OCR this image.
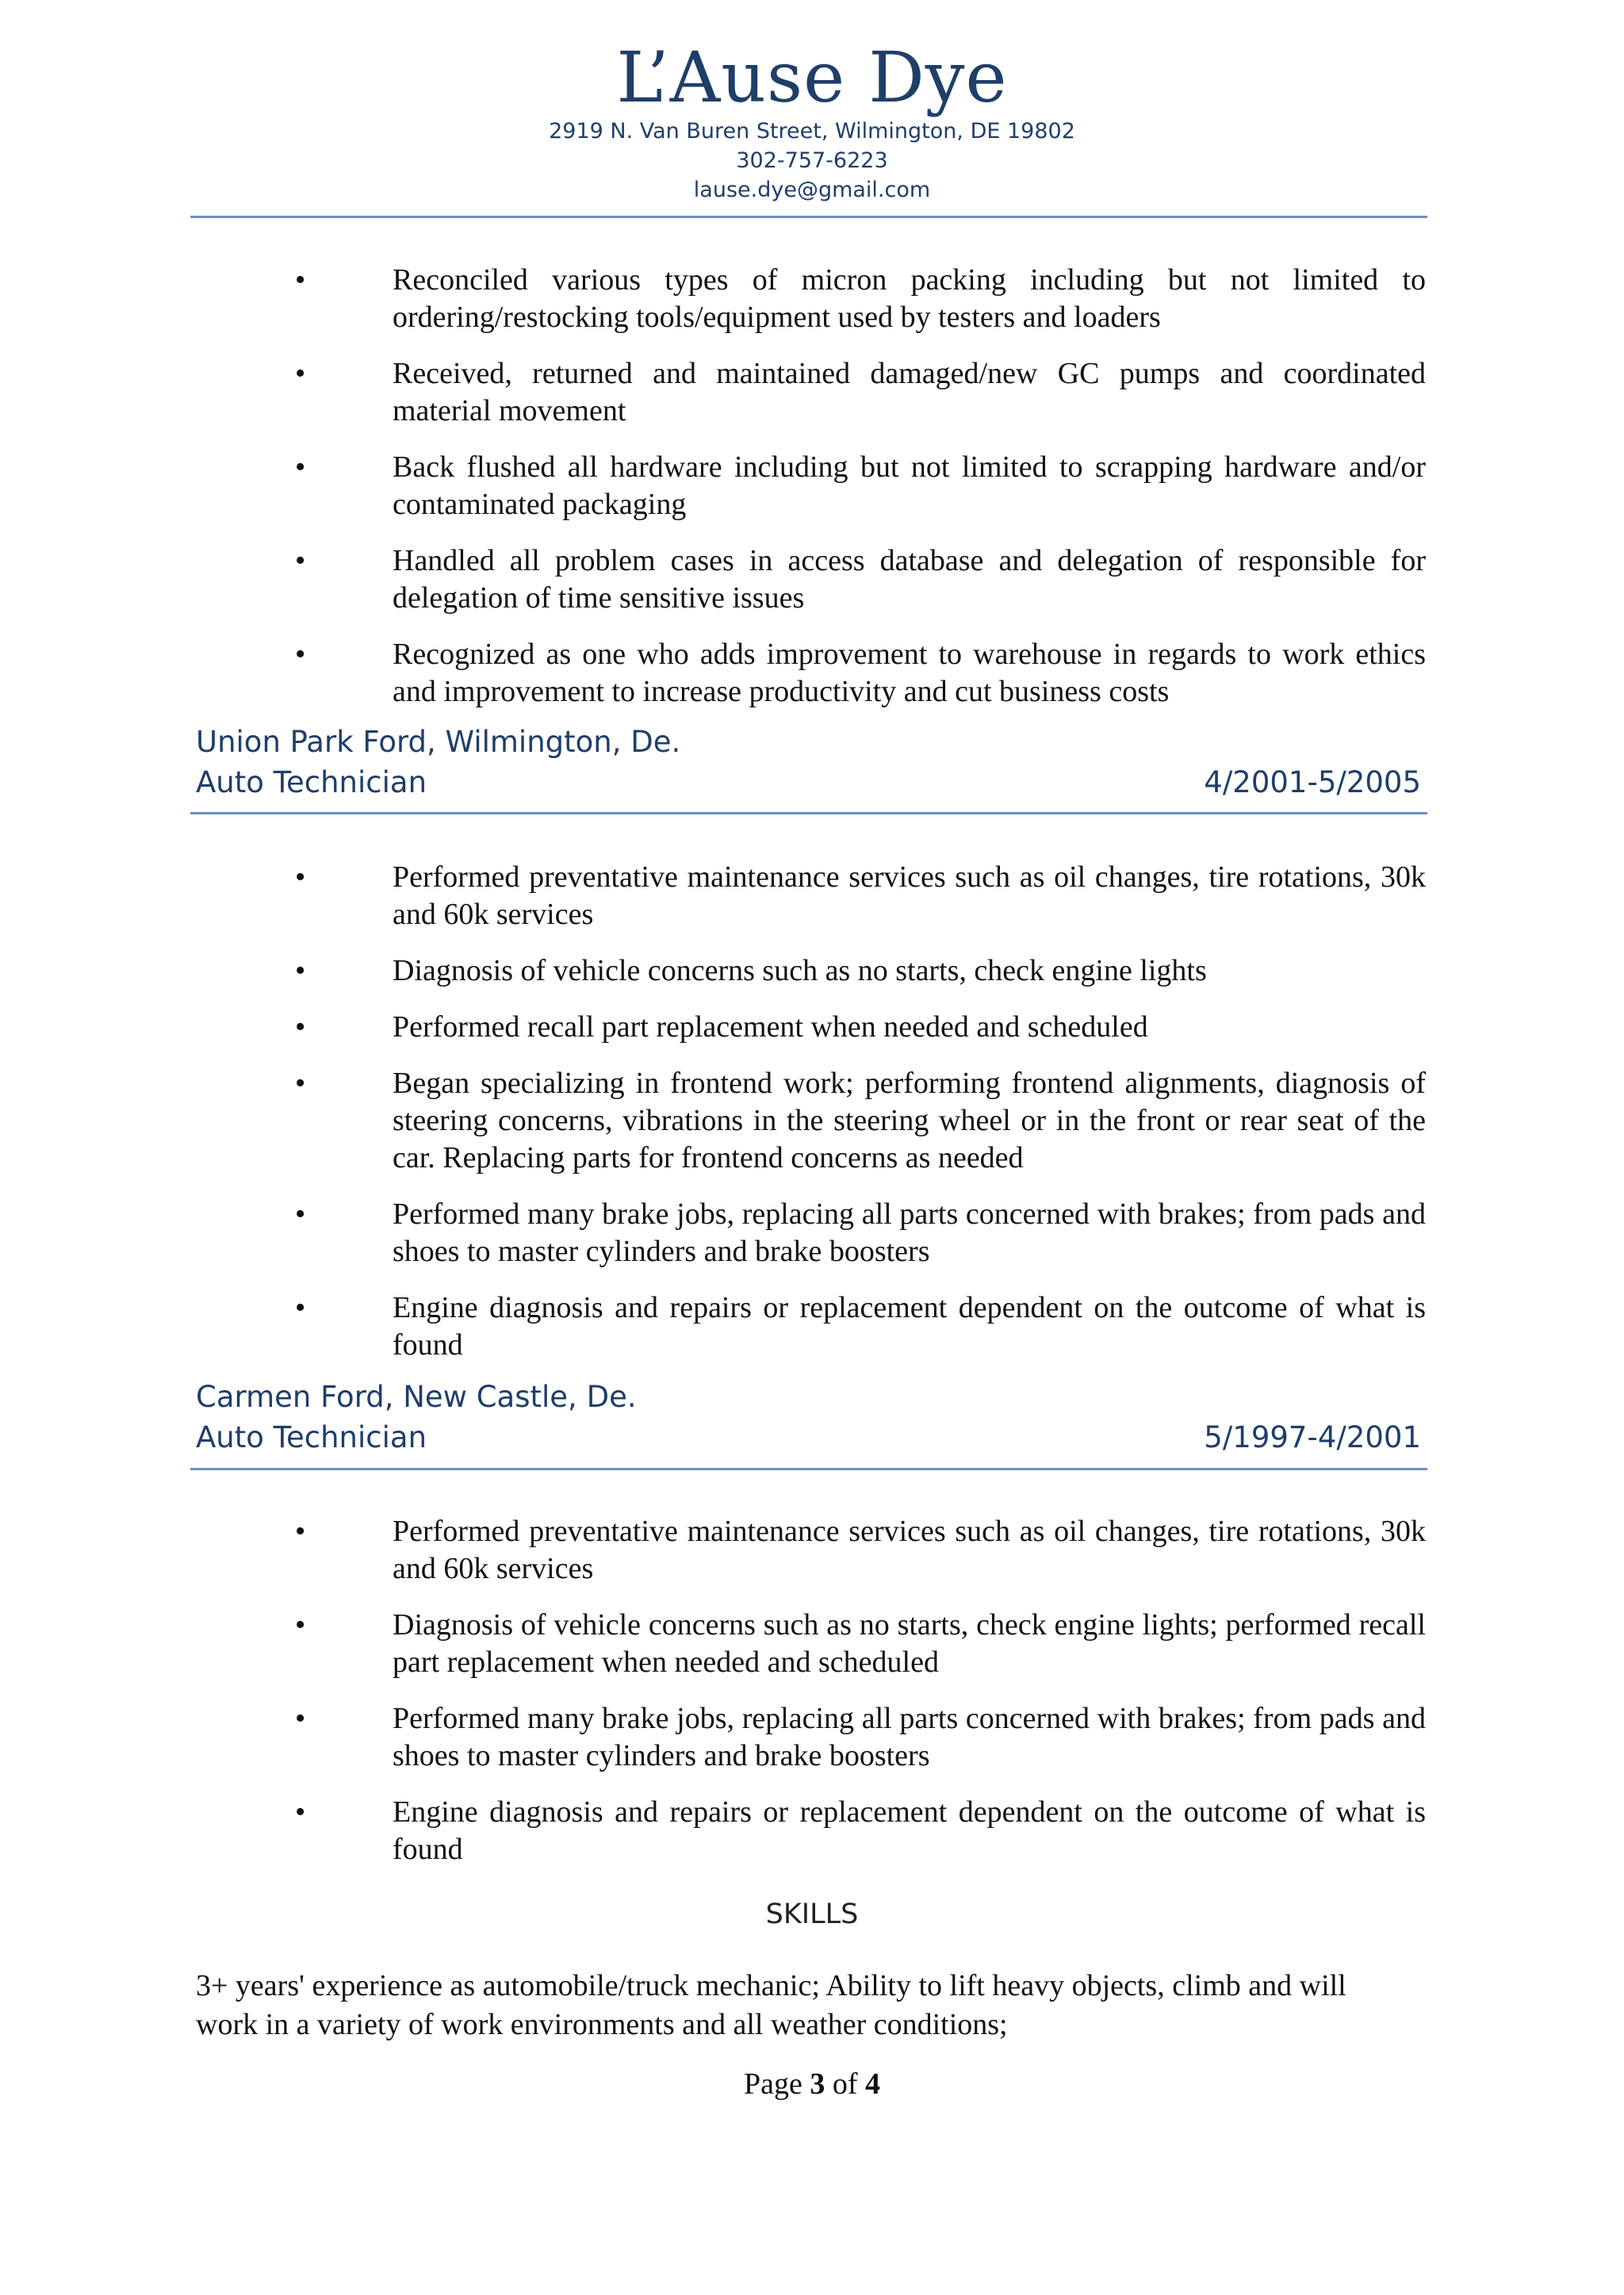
L’Ause Dye
2919 N. Van Buren Street, Wilmington, DE 19802
302-757-6223
lause.dye@gmail.com
•	Reconciled various types of micron packing including but not limited to ordering/restocking tools/equipment used by testers and loaders
•	Received, returned and maintained damaged/new GC pumps and coordinated material movement
•	Back flushed all hardware including but not limited to scrapping hardware and/or contaminated packaging
•	Handled all problem cases in access database and delegation of responsible for delegation of time sensitive issues
•	Recognized as one who adds improvement to warehouse in regards to work ethics and improvement to increase productivity and cut business costs
Union Park Ford, Wilmington, De.
Auto Technician	4/2001-5/2005
•	Performed preventative maintenance services such as oil changes, tire rotations, 30k and 60k services
•	Diagnosis of vehicle concerns such as no starts, check engine lights
•	Performed recall part replacement when needed and scheduled
•	Began specializing in frontend work; performing frontend alignments, diagnosis of steering concerns, vibrations in the steering wheel or in the front or rear seat of the car. Replacing parts for frontend concerns as needed
•	Performed many brake jobs, replacing all parts concerned with brakes; from pads and shoes to master cylinders and brake boosters
•	Engine diagnosis and repairs or replacement dependent on the outcome of what is found
Carmen Ford, New Castle, De.
Auto Technician	5/1997-4/2001
•	Performed preventative maintenance services such as oil changes, tire rotations, 30k and 60k services
•	Diagnosis of vehicle concerns such as no starts, check engine lights; performed recall part replacement when needed and scheduled
•	Performed many brake jobs, replacing all parts concerned with brakes; from pads and shoes to master cylinders and brake boosters
•	Engine diagnosis and repairs or replacement dependent on the outcome of what is found
SKILLS
3+ years' experience as automobile/truck mechanic; Ability to lift heavy objects, climb and will work in a variety of work environments and all weather conditions;
Page 3 of 4
